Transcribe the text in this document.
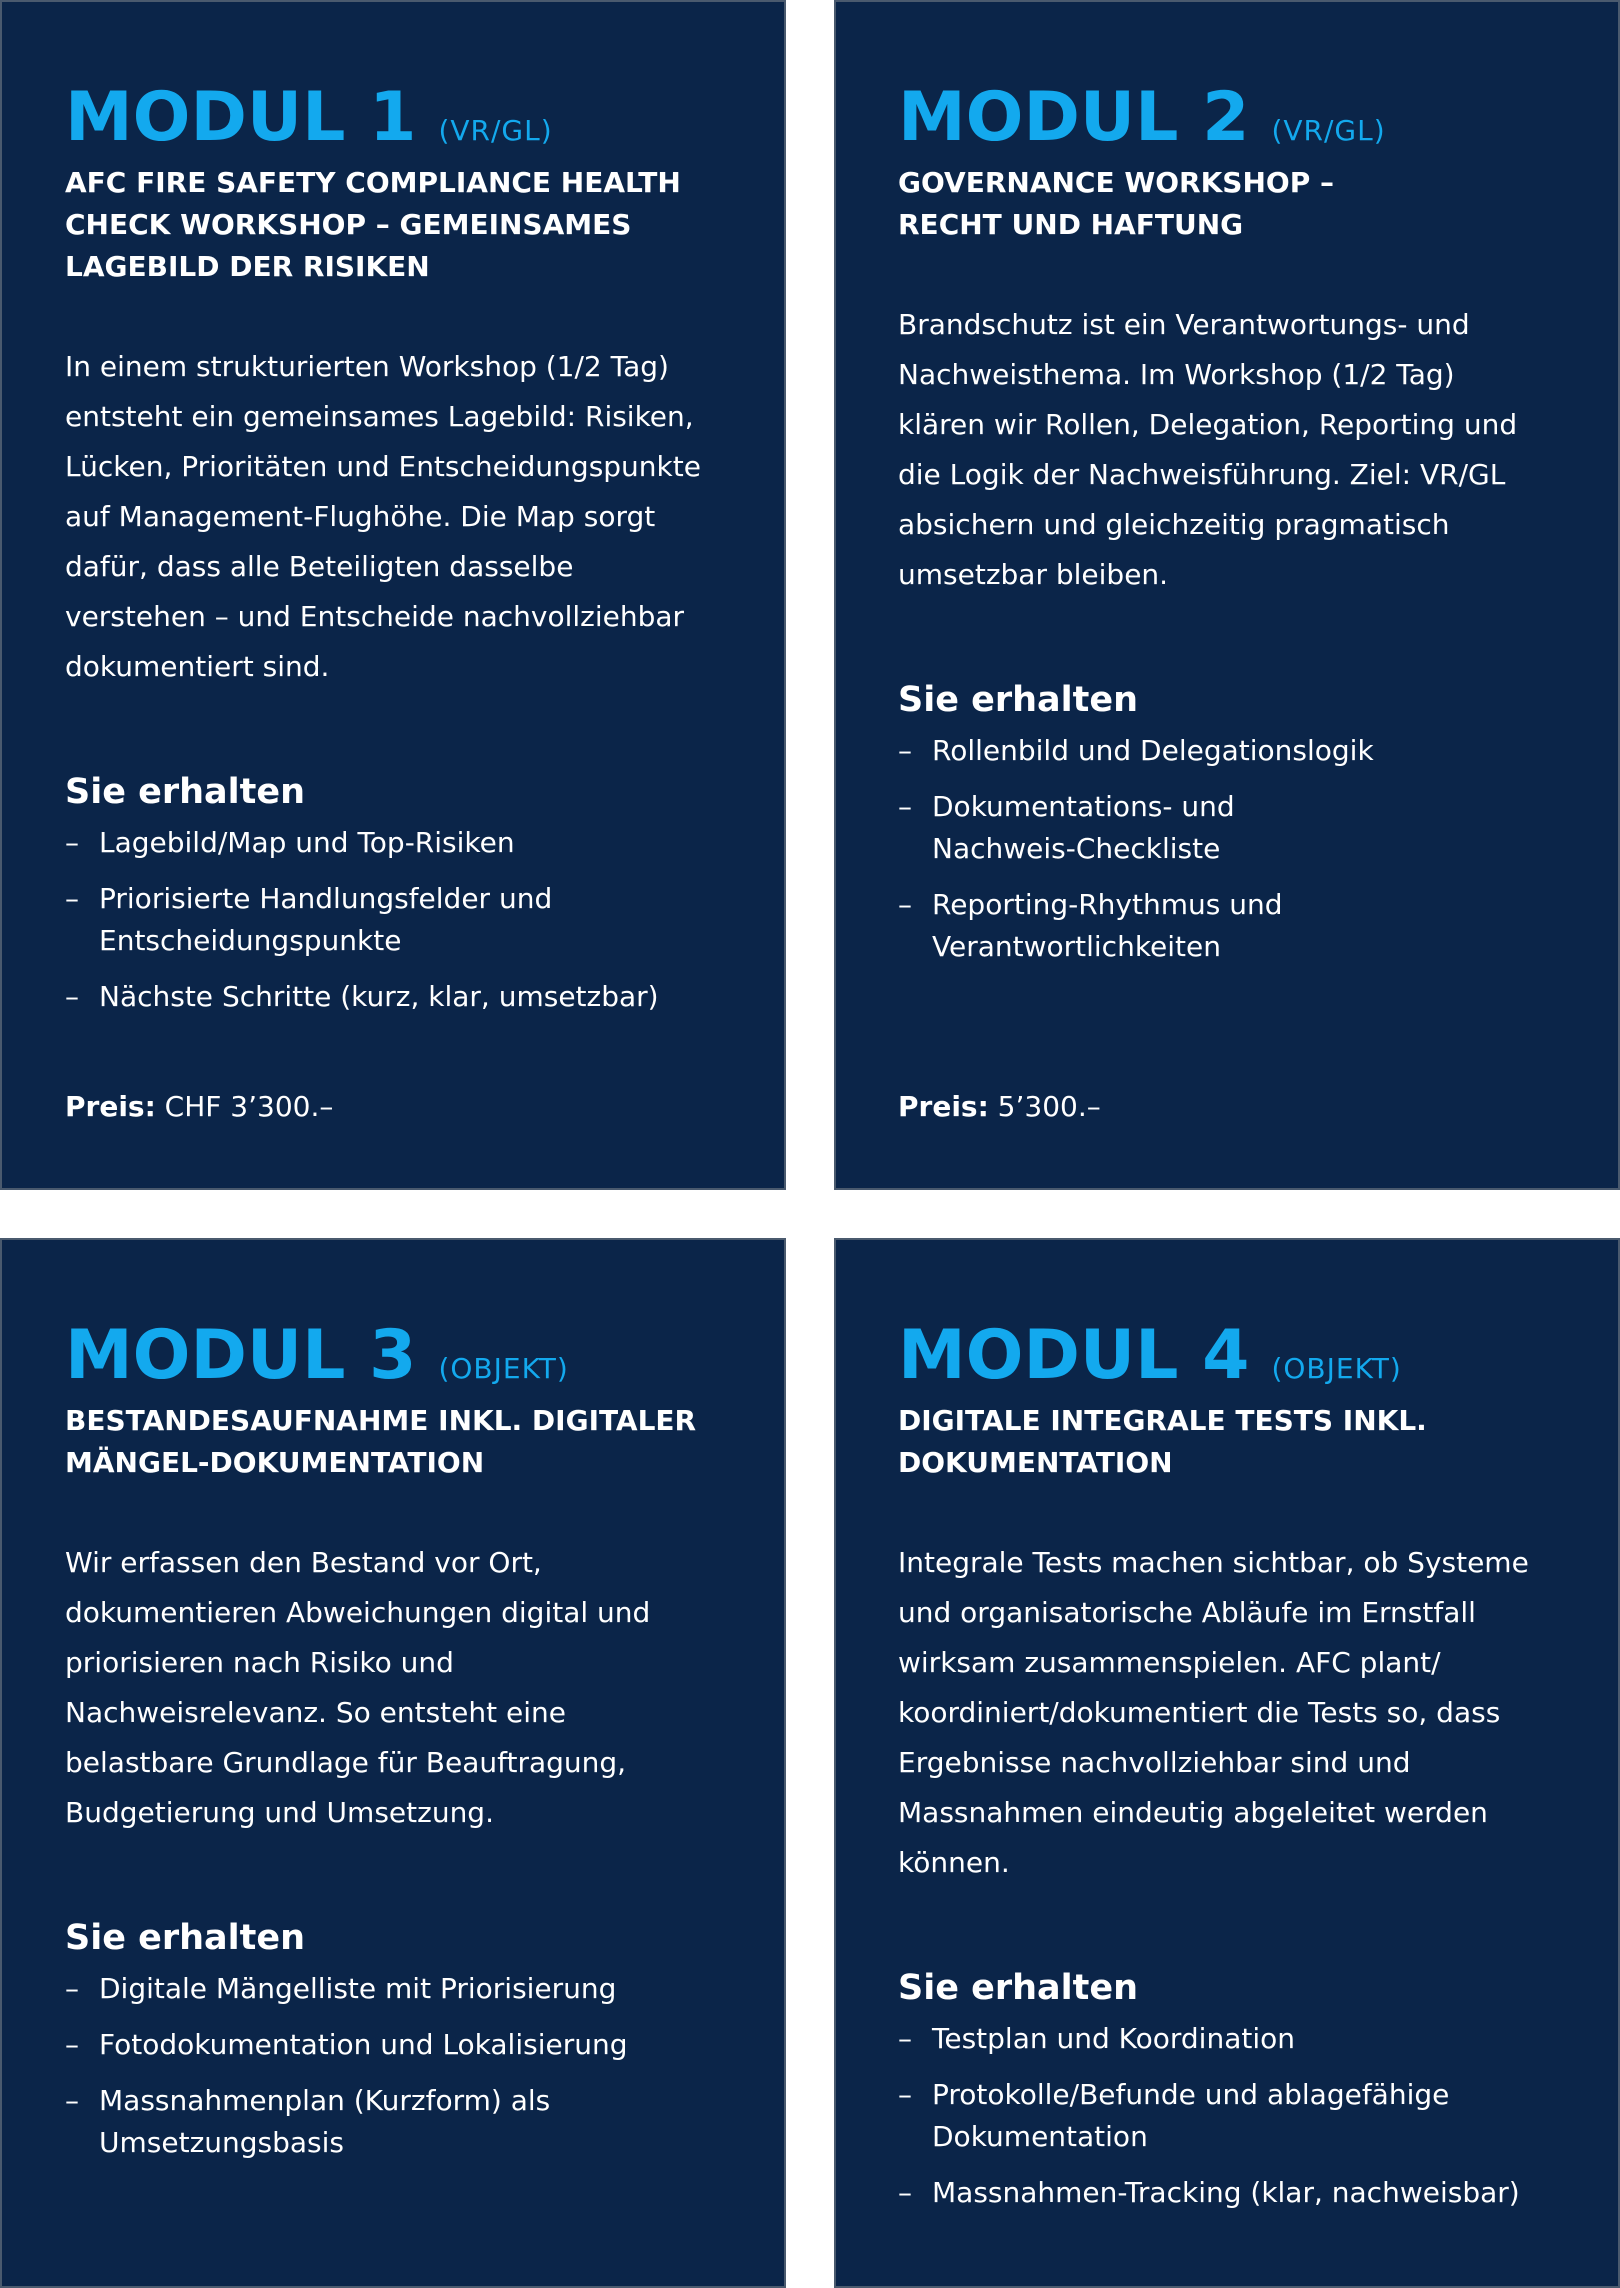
MODUL 1 (VR/GL)
AFC FIRE SAFETY COMPLIANCE HEALTH
CHECK WORKSHOP – GEMEINSAMES
LAGEBILD DER RISIKEN
In einem strukturierten Workshop (1/2 Tag)
entsteht ein gemeinsames Lagebild: Risiken,
Lücken, Prioritäten und Entscheidungspunkte
auf Management-Flughöhe. Die Map sorgt
dafür, dass alle Beteiligten dasselbe
verstehen – und Entscheide nachvollziehbar
dokumentiert sind.
Sie erhalten
– Lagebild/Map und Top-Risiken
– Priorisierte Handlungsfelder und
Entscheidungspunkte
– Nächste Schritte (kurz, klar, umsetzbar)
Preis: CHF 3’300.–
MODUL 2 (VR/GL)
GOVERNANCE WORKSHOP –
RECHT UND HAFTUNG
Brandschutz ist ein Verantwortungs- und
Nachweisthema. Im Workshop (1/2 Tag)
klären wir Rollen, Delegation, Reporting und
die Logik der Nachweisführung. Ziel: VR/GL
absichern und gleichzeitig pragmatisch
umsetzbar bleiben.
Sie erhalten
– Rollenbild und Delegationslogik
– Dokumentations- und
Nachweis-Checkliste
– Reporting-Rhythmus und
Verantwortlichkeiten
Preis: 5’300.–
MODUL 3 (OBJEKT)
BESTANDESAUFNAHME INKL. DIGITALER
MÄNGEL-DOKUMENTATION
Wir erfassen den Bestand vor Ort,
dokumentieren Abweichungen digital und
priorisieren nach Risiko und
Nachweisrelevanz. So entsteht eine
belastbare Grundlage für Beauftragung,
Budgetierung und Umsetzung.
Sie erhalten
– Digitale Mängelliste mit Priorisierung
– Fotodokumentation und Lokalisierung
– Massnahmenplan (Kurzform) als
Umsetzungsbasis
MODUL 4 (OBJEKT)
DIGITALE INTEGRALE TESTS INKL.
DOKUMENTATION
Integrale Tests machen sichtbar, ob Systeme
und organisatorische Abläufe im Ernstfall
wirksam zusammenspielen. AFC plant/
koordiniert/dokumentiert die Tests so, dass
Ergebnisse nachvollziehbar sind und
Massnahmen eindeutig abgeleitet werden
können.
Sie erhalten
– Testplan und Koordination
– Protokolle/Befunde und ablagefähige
Dokumentation
– Massnahmen-Tracking (klar, nachweisbar)
